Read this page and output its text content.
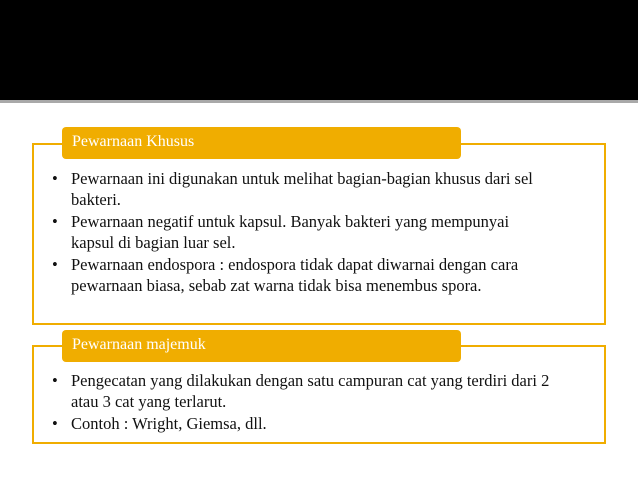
Pewarnaan Khusus
• Pewarnaan ini digunakan untuk melihat bagian-bagian khusus dari sel bakteri.
• Pewarnaan negatif untuk kapsul. Banyak bakteri yang mempunyai kapsul di bagian luar sel.
• Pewarnaan endospora : endospora tidak dapat diwarnai dengan cara pewarnaan biasa, sebab zat warna tidak bisa menembus spora.
Pewarnaan majemuk
• Pengecatan yang dilakukan dengan satu campuran cat yang terdiri dari 2 atau 3 cat yang terlarut.
• Contoh : Wright, Giemsa, dll.
